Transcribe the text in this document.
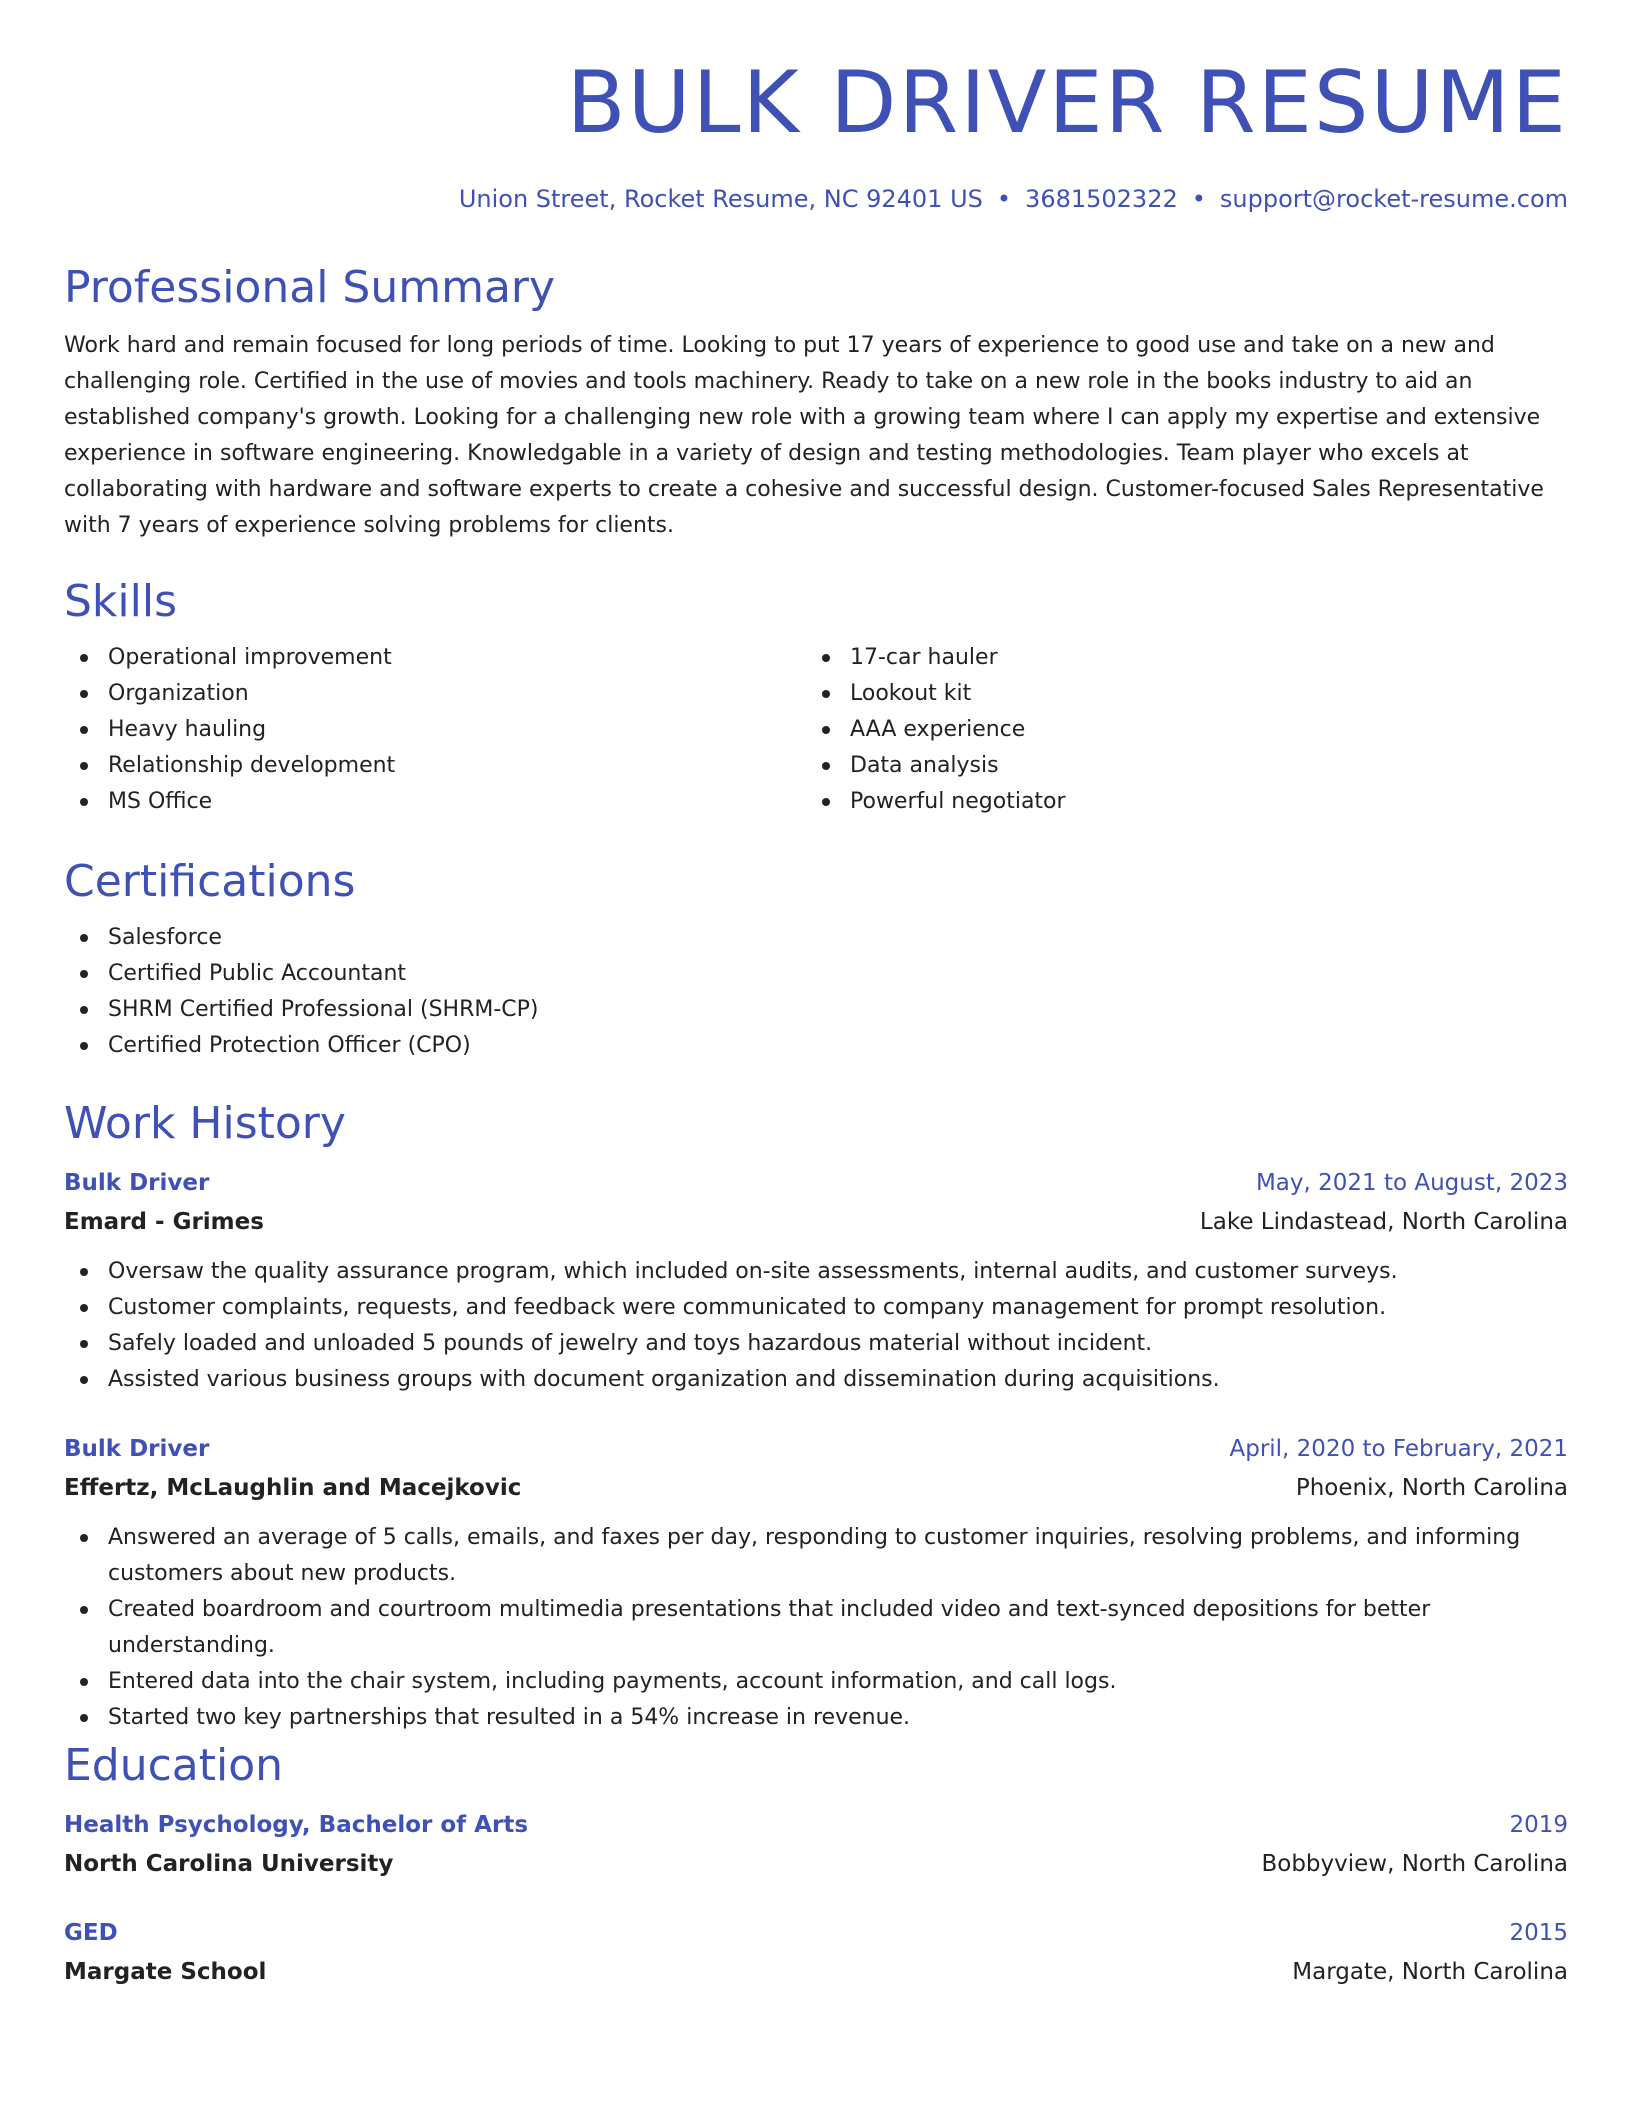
BULK DRIVER RESUME
Union Street, Rocket Resume, NC 92401 US • 3681502322 • support@rocket-resume.com
Professional Summary

Work hard and remain focused for long periods of time. Looking to put 17 years of experience to good use and take on a new and challenging role. Certified in the use of movies and tools machinery. Ready to take on a new role in the books industry to aid an established company's growth. Looking for a challenging new role with a growing team where I can apply my expertise and extensive experience in software engineering. Knowledgable in a variety of design and testing methodologies. Team player who excels at collaborating with hardware and software experts to create a cohesive and successful design. Customer-focused Sales Representative with 7 years of experience solving problems for clients.

Skills
Operational improvement
Organization
Heavy hauling
Relationship development
MS Office
17-car hauler
Lookout kit
AAA experience
Data analysis
Powerful negotiator
Certifications
Salesforce
Certified Public Accountant
SHRM Certified Professional (SHRM-CP)
Certified Protection Officer (CPO)
Work History
Bulk Driver	May, 2021 to August, 2023
Emard - Grimes	Lake Lindastead, North Carolina
Oversaw the quality assurance program, which included on-site assessments, internal audits, and customer surveys.
Customer complaints, requests, and feedback were communicated to company management for prompt resolution.
Safely loaded and unloaded 5 pounds of jewelry and toys hazardous material without incident.
Assisted various business groups with document organization and dissemination during acquisitions.
Bulk Driver	April, 2020 to February, 2021
Effertz, McLaughlin and Macejkovic	Phoenix, North Carolina
Answered an average of 5 calls, emails, and faxes per day, responding to customer inquiries, resolving problems, and informing customers about new products.
Created boardroom and courtroom multimedia presentations that included video and text-synced depositions for better understanding.
Entered data into the chair system, including payments, account information, and call logs.
Started two key partnerships that resulted in a 54% increase in revenue.
Education
Health Psychology, Bachelor of Arts	2019
North Carolina University	Bobbyview, North Carolina
GED	2015
Margate School	Margate, North Carolina
